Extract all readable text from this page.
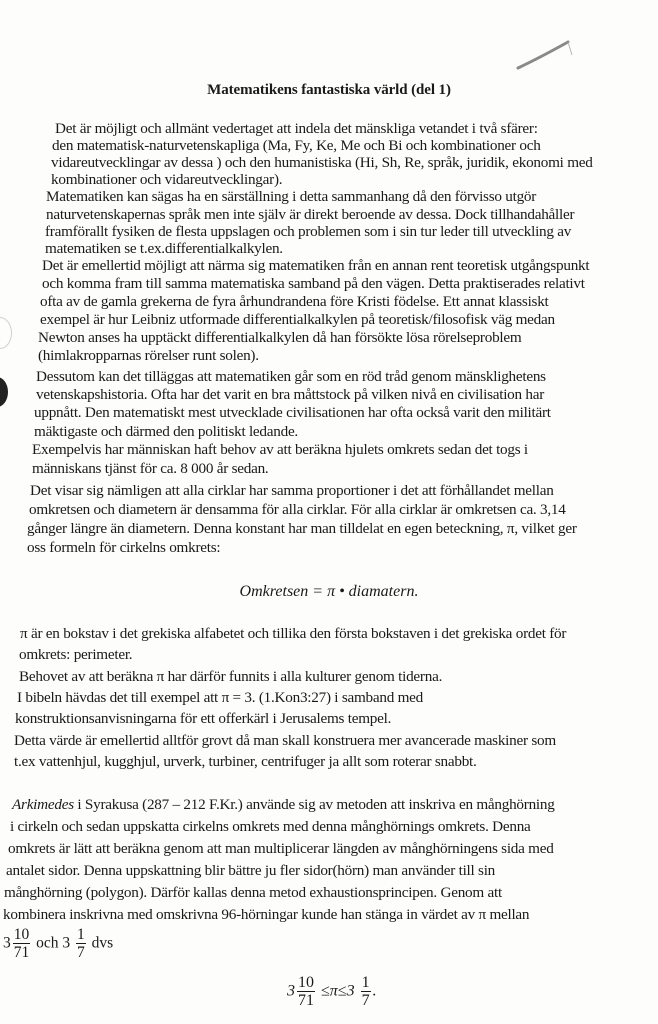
Matematikens fantastiska värld (del 1)
Det är möjligt och allmänt vedertaget att indela det mänskliga vetandet i två sfärer:
den matematisk-naturvetenskapliga (Ma, Fy, Ke, Me och Bi och kombinationer och
vidareutvecklingar av dessa ) och den humanistiska (Hi, Sh, Re, språk, juridik, ekonomi med
kombinationer och vidareutvecklingar).
Matematiken kan sägas ha en särställning i detta sammanhang då den förvisso utgör
naturvetenskapernas språk men inte själv är direkt beroende av dessa. Dock tillhandahåller
framförallt fysiken de flesta uppslagen och problemen som i sin tur leder till utveckling av
matematiken se t.ex.differentialkalkylen.
Det är emellertid möjligt att närma sig matematiken från en annan rent teoretisk utgångspunkt
och komma fram till samma matematiska samband på den vägen. Detta praktiserades relativt
ofta av de gamla grekerna de fyra århundrandena före Kristi födelse. Ett annat klassiskt
exempel är hur Leibniz utformade differentialkalkylen på teoretisk/filosofisk väg medan
Newton anses ha upptäckt differentialkalkylen då han försökte lösa rörelseproblem
(himlakropparnas rörelser runt solen).
Dessutom kan det tilläggas att matematiken går som en röd tråd genom mänsklighetens
vetenskapshistoria. Ofta har det varit en bra måttstock på vilken nivå en civilisation har
uppnått. Den matematiskt mest utvecklade civilisationen har ofta också varit den militärt
mäktigaste och därmed den politiskt ledande.
Exempelvis har människan haft behov av att beräkna hjulets omkrets sedan det togs i
människans tjänst för ca. 8 000 år sedan.
Det visar sig nämligen att alla cirklar har samma proportioner i det att förhållandet mellan
omkretsen och diametern är densamma för alla cirklar. För alla cirklar är omkretsen ca. 3,14
gånger längre än diametern. Denna konstant har man tilldelat en egen beteckning, π, vilket ger
oss formeln för cirkelns omkrets:
Omkretsen = π • diamatern.
π är en bokstav i det grekiska alfabetet och tillika den första bokstaven i det grekiska ordet för
omkrets: perimeter.
Behovet av att beräkna π har därför funnits i alla kulturer genom tiderna.
I bibeln hävdas det till exempel att π = 3. (1.Kon3:27) i samband med
konstruktionsanvisningarna för ett offerkärl i Jerusalems tempel.
Detta värde är emellertid alltför grovt då man skall konstruera mer avancerade maskiner som
t.ex vattenhjul, kugghjul, urverk, turbiner, centrifuger ja allt som roterar snabbt.
Arkimedes i Syrakusa (287 – 212 F.Kr.) använde sig av metoden att inskriva en månghörning
i cirkeln och sedan uppskatta cirkelns omkrets med denna månghörnings omkrets. Denna
omkrets är lätt att beräkna genom att man multiplicerar längden av månghörningens sida med
antalet sidor. Denna uppskattning blir bättre ju fler sidor(hörn) man använder till sin
månghörning (polygon). Därför kallas denna metod exhaustionsprincipen. Genom att
kombinera inskrivna med omskrivna 96-hörningar kunde han stänga in värdet av π mellan
$3 \frac{10}{71}$ och $3 \frac{1}{7}$ dvs
$3 \frac{10}{71} \le\pi\le 3 \frac{1}{7}$ .
